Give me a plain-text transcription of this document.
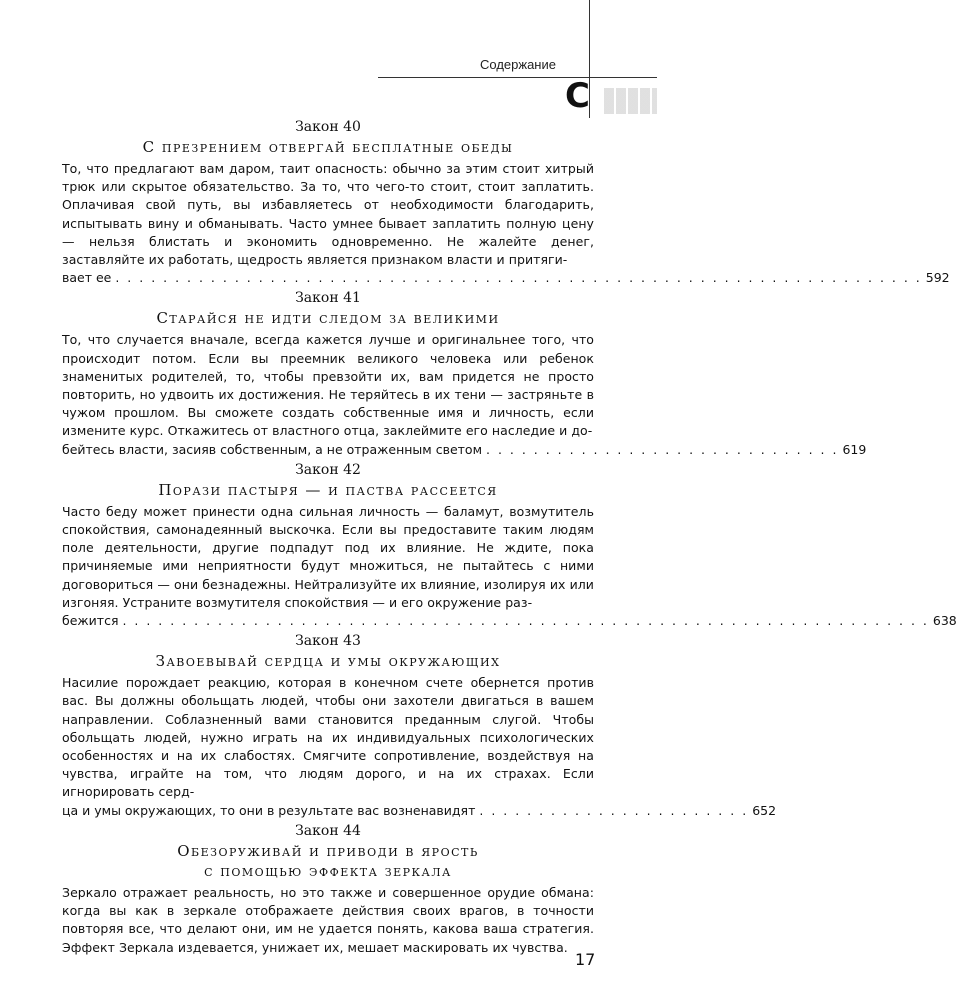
Содержание
C

Закон 40

С презрением отвергай бесплатные обеды

То, что предлагают вам даром, таит опасность: обычно за этим стоит хитрый трюк или скрытое обязательство. За то, что чего-то стоит, стоит заплатить. Оплачивая свой путь, вы избавляетесь от необходимости благодарить, испытывать вину и обманывать. Часто умнее бывает заплатить полную цену — нельзя блистать и экономить одновременно. Не жалейте денег, заставляйте их работать, щедрость является признаком власти и притяги-

вает ее . . . . . . . . . . . . . . . . . . . . . . . . . . . . . . . . . . . . . . . . . . . . . . . . . . . . . . . . . . . . . . . . . . . . 592

Закон 41

Старайся не идти следом за великими

То, что случается вначале, всегда кажется лучше и оригинальнее того, что происходит потом. Если вы преемник великого человека или ребенок знаменитых родителей, то, чтобы превзойти их, вам придется не просто повторить, но удвоить их достижения. Не теряйтесь в их тени — застряньте в чужом прошлом. Вы сможете создать собственные имя и личность, если измените курс. Откажитесь от властного отца, заклеймите его наследие и до-

бейтесь власти, засияв собственным, а не отраженным светом . . . . . . . . . . . . . . . . . . . . . . . . . . . . . . 619

Закон 42

Порази пастыря — и паства рассеется

Часто беду может принести одна сильная личность — баламут, возмутитель спокойствия, самонадеянный выскочка. Если вы предоставите таким людям поле деятельности, другие подпадут под их влияние. Не ждите, пока причиняемые ими неприятности будут множиться, не пытайтесь с ними договориться — они безнадежны. Нейтрализуйте их влияние, изолируя их или изгоняя. Устраните возмутителя спокойствия — и его окружение раз-

бежится . . . . . . . . . . . . . . . . . . . . . . . . . . . . . . . . . . . . . . . . . . . . . . . . . . . . . . . . . . . . . . . . . . . . 638

Закон 43

Завоевывай сердца и умы окружающих

Насилие порождает реакцию, которая в конечном счете обернется против вас. Вы должны обольщать людей, чтобы они захотели двигаться в вашем направлении. Соблазненный вами становится преданным слугой. Чтобы обольщать людей, нужно играть на их индивидуальных психологических особенностях и на их слабостях. Смягчите сопротивление, воздействуя на чувства, играйте на том, что людям дорого, и на их страхах. Если игнорировать серд-

ца и умы окружающих, то они в результате вас возненавидят . . . . . . . . . . . . . . . . . . . . . . . 652

Закон 44

Обезоруживай и приводи в ярость

с помощью эффекта зеркала

Зеркало отражает реальность, но это также и совершенное орудие обмана: когда вы как в зеркале отображаете действия своих врагов, в точности повторяя все, что делают они, им не удается понять, какова ваша стратегия. Эффект Зеркала издевается, унижает их, мешает маскировать их чувства.

17
